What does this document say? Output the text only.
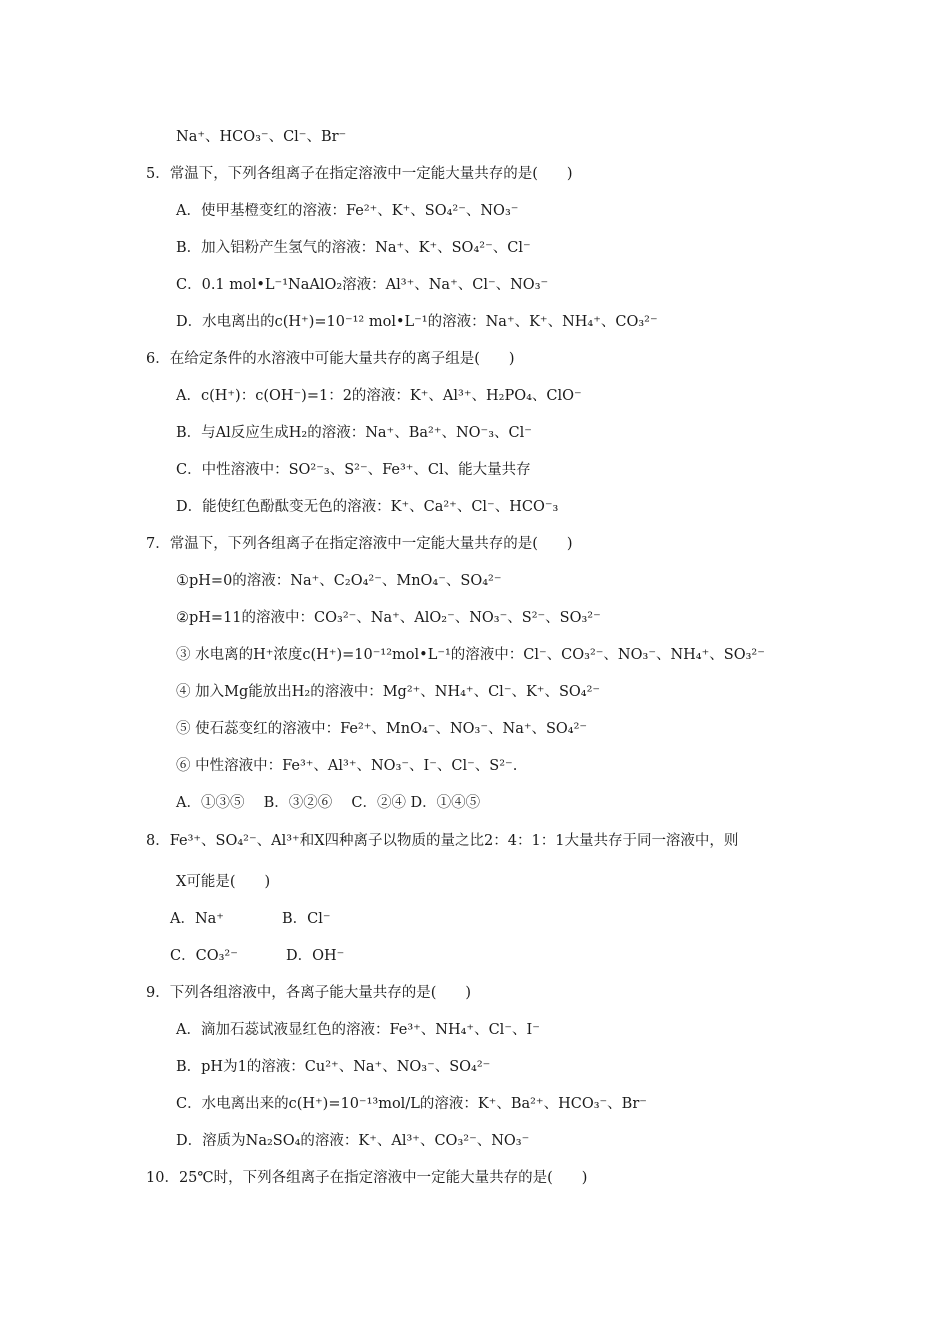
Na⁺、HCO₃⁻、Cl⁻、Br⁻
5．常温下，下列各组离子在指定溶液中一定能大量共存的是(　　)
A．使甲基橙变红的溶液：Fe²⁺、K⁺、SO₄²⁻、NO₃⁻
B．加入铝粉产生氢气的溶液：Na⁺、K⁺、SO₄²⁻、Cl⁻
C．0.1 mol•L⁻¹NaAlO₂溶液：Al³⁺、Na⁺、Cl⁻、NO₃⁻
D．水电离出的c(H⁺)=10⁻¹² mol•L⁻¹的溶液：Na⁺、K⁺、NH₄⁺、CO₃²⁻
6．在给定条件的水溶液中可能大量共存的离子组是(　　)
A．c(H⁺)：c(OH⁻)=1：2的溶液：K⁺、Al³⁺、H₂PO₄、ClO⁻
B．与Al反应生成H₂的溶液：Na⁺、Ba²⁺、NO⁻₃、Cl⁻
C．中性溶液中：SO²⁻₃、S²⁻、Fe³⁺、Cl、能大量共存
D．能使红色酚酞变无色的溶液：K⁺、Ca²⁺、Cl⁻、HCO⁻₃
7．常温下，下列各组离子在指定溶液中一定能大量共存的是(　　)
①pH=0的溶液：Na⁺、C₂O₄²⁻、MnO₄⁻、SO₄²⁻
②pH=11的溶液中：CO₃²⁻、Na⁺、AlO₂⁻、NO₃⁻、S²⁻、SO₃²⁻
③ 水电离的H⁺浓度c(H⁺)=10⁻¹²mol•L⁻¹的溶液中：Cl⁻、CO₃²⁻、NO₃⁻、NH₄⁺、SO₃²⁻
④ 加入Mg能放出H₂的溶液中：Mg²⁺、NH₄⁺、Cl⁻、K⁺、SO₄²⁻
⑤ 使石蕊变红的溶液中：Fe²⁺、MnO₄⁻、NO₃⁻、Na⁺、SO₄²⁻
⑥ 中性溶液中：Fe³⁺、Al³⁺、NO₃⁻、I⁻、Cl⁻、S²⁻.
A．①③⑤　 B．③②⑥　 C．②④ D．①④⑤
8．Fe³⁺、SO₄²⁻、Al³⁺和X四种离子以物质的量之比2：4：1：1大量共存于同一溶液中，则
X可能是(　　)
A．Na⁺　　　　B．Cl⁻
C．CO₃²⁻　　　 D．OH⁻
9．下列各组溶液中，各离子能大量共存的是(　　)
A．滴加石蕊试液显红色的溶液：Fe³⁺、NH₄⁺、Cl⁻、I⁻
B．pH为1的溶液：Cu²⁺、Na⁺、NO₃⁻、SO₄²⁻
C．水电离出来的c(H⁺)=10⁻¹³mol/L的溶液：K⁺、Ba²⁺、HCO₃⁻、Br⁻
D．溶质为Na₂SO₄的溶液：K⁺、Al³⁺、CO₃²⁻、NO₃⁻
10．25℃时，下列各组离子在指定溶液中一定能大量共存的是(　　)
